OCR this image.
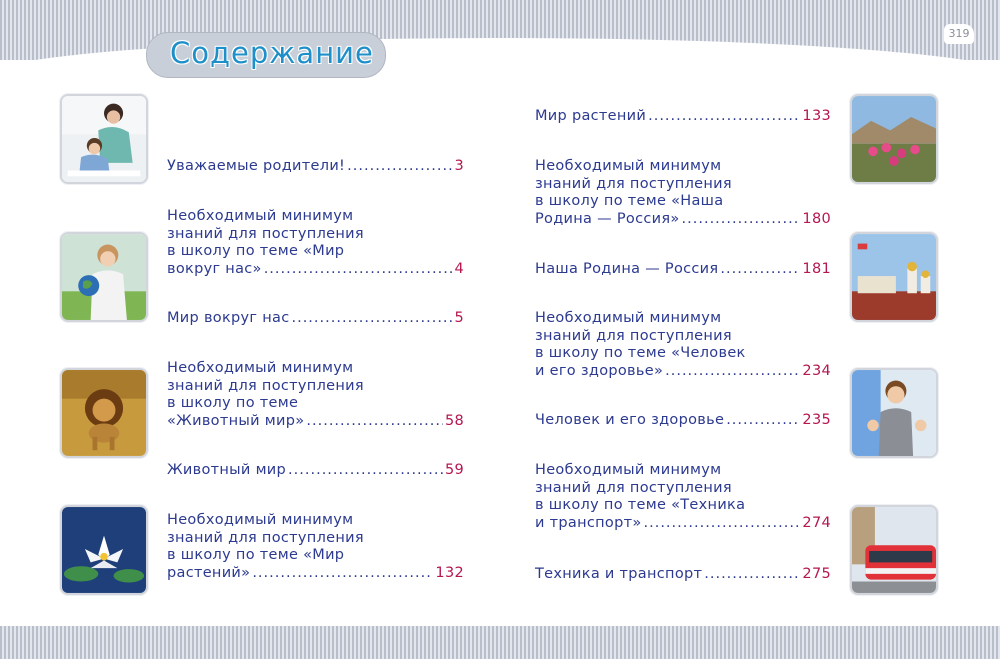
Содержание
319
Уважаемые родители! .....	3
Необходимый минимум
знаний для поступления
в школу по теме «Мир
вокруг нас» .....	4
Мир вокруг нас .....	5
Необходимый минимум
знаний для поступления
в школу по теме
«Животный мир» .....	58
Животный мир .....	59
Необходимый минимум
знаний для поступления
в школу по теме «Мир
растений» .....	132
Мир растений .....	133
Необходимый минимум
знаний для поступления
в школу по теме «Наша
Родина — Россия» .....	180
Наша Родина — Россия .....	181
Необходимый минимум
знаний для поступления
в школу по теме «Человек
и его здоровье» .....	234
Человек и его здоровье .....	235
Необходимый минимум
знаний для поступления
в школу по теме «Техника
и транспорт» .....	274
Техника и транспорт .....	275
